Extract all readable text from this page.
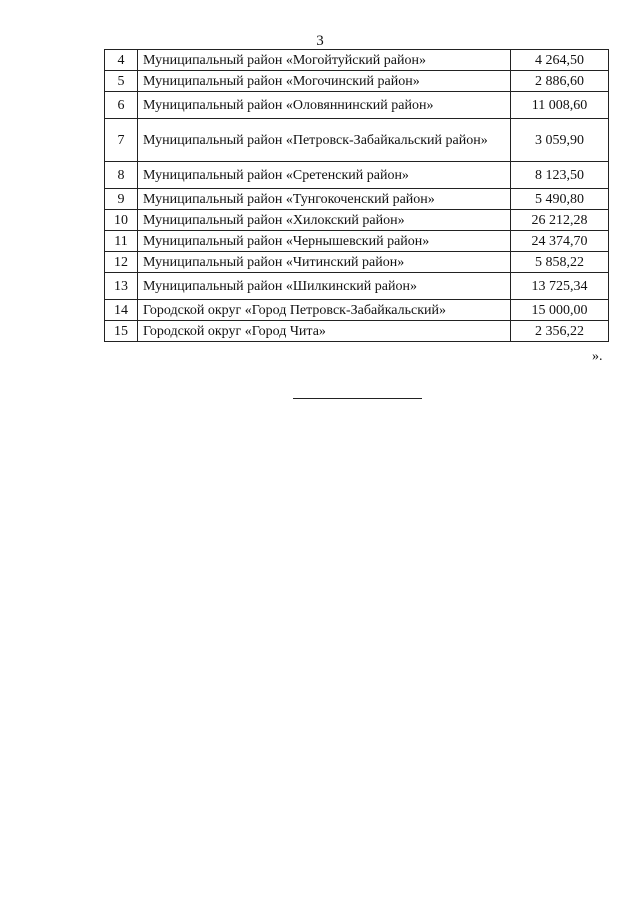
3
4	Муниципальный район «Могойтуйский район»	4 264,50
5	Муниципальный район «Могочинский район»	2 886,60
6	Муниципальный район «Оловяннинский район»	11 008,60
7	Муниципальный район «Петровск-Забайкальский район»	3 059,90
8	Муниципальный район «Сретенский район»	8 123,50
9	Муниципальный район «Тунгокоченский район»	5 490,80
10	Муниципальный район «Хилокский район»	26 212,28
11	Муниципальный район «Чернышевский район»	24 374,70
12	Муниципальный район «Читинский район»	5 858,22
13	Муниципальный район «Шилкинский район»	13 725,34
14	Городской округ «Город Петровск-Забайкальский»	15 000,00
15	Городской округ «Город Чита»	2 356,22
».
